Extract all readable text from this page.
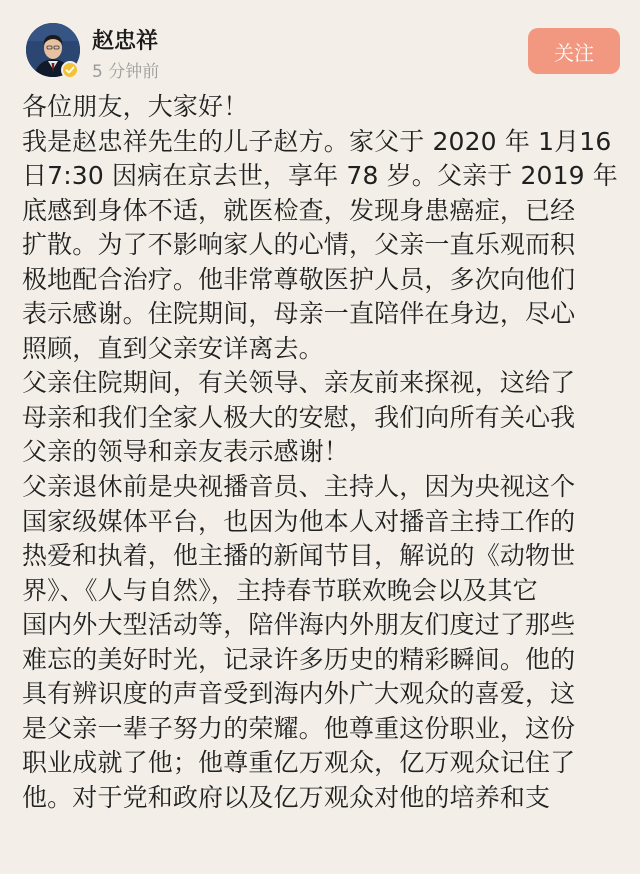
赵忠祥
5 分钟前
关注

各位朋友，大家好！

我是赵忠祥先生的儿子赵方。家父于 2020 年 1月16

日7:30 因病在京去世，享年 78 岁。父亲于 2019 年

底感到身体不适，就医检查，发现身患癌症，已经

扩散。为了不影响家人的心情，父亲一直乐观而积

极地配合治疗。他非常尊敬医护人员，多次向他们

表示感谢。住院期间，母亲一直陪伴在身边，尽心

照顾，直到父亲安详离去。

父亲住院期间，有关领导、亲友前来探视，这给了

母亲和我们全家人极大的安慰，我们向所有关心我

父亲的领导和亲友表示感谢！

父亲退休前是央视播音员、主持人，因为央视这个

国家级媒体平台，也因为他本人对播音主持工作的

热爱和执着，他主播的新闻节目，解说的《动物世

界》、《人与自然》，主持春节联欢晚会以及其它

国内外大型活动等，陪伴海内外朋友们度过了那些

难忘的美好时光，记录许多历史的精彩瞬间。他的

具有辨识度的声音受到海内外广大观众的喜爱，这

是父亲一辈子努力的荣耀。他尊重这份职业，这份

职业成就了他；他尊重亿万观众，亿万观众记住了

他。对于党和政府以及亿万观众对他的培养和支
